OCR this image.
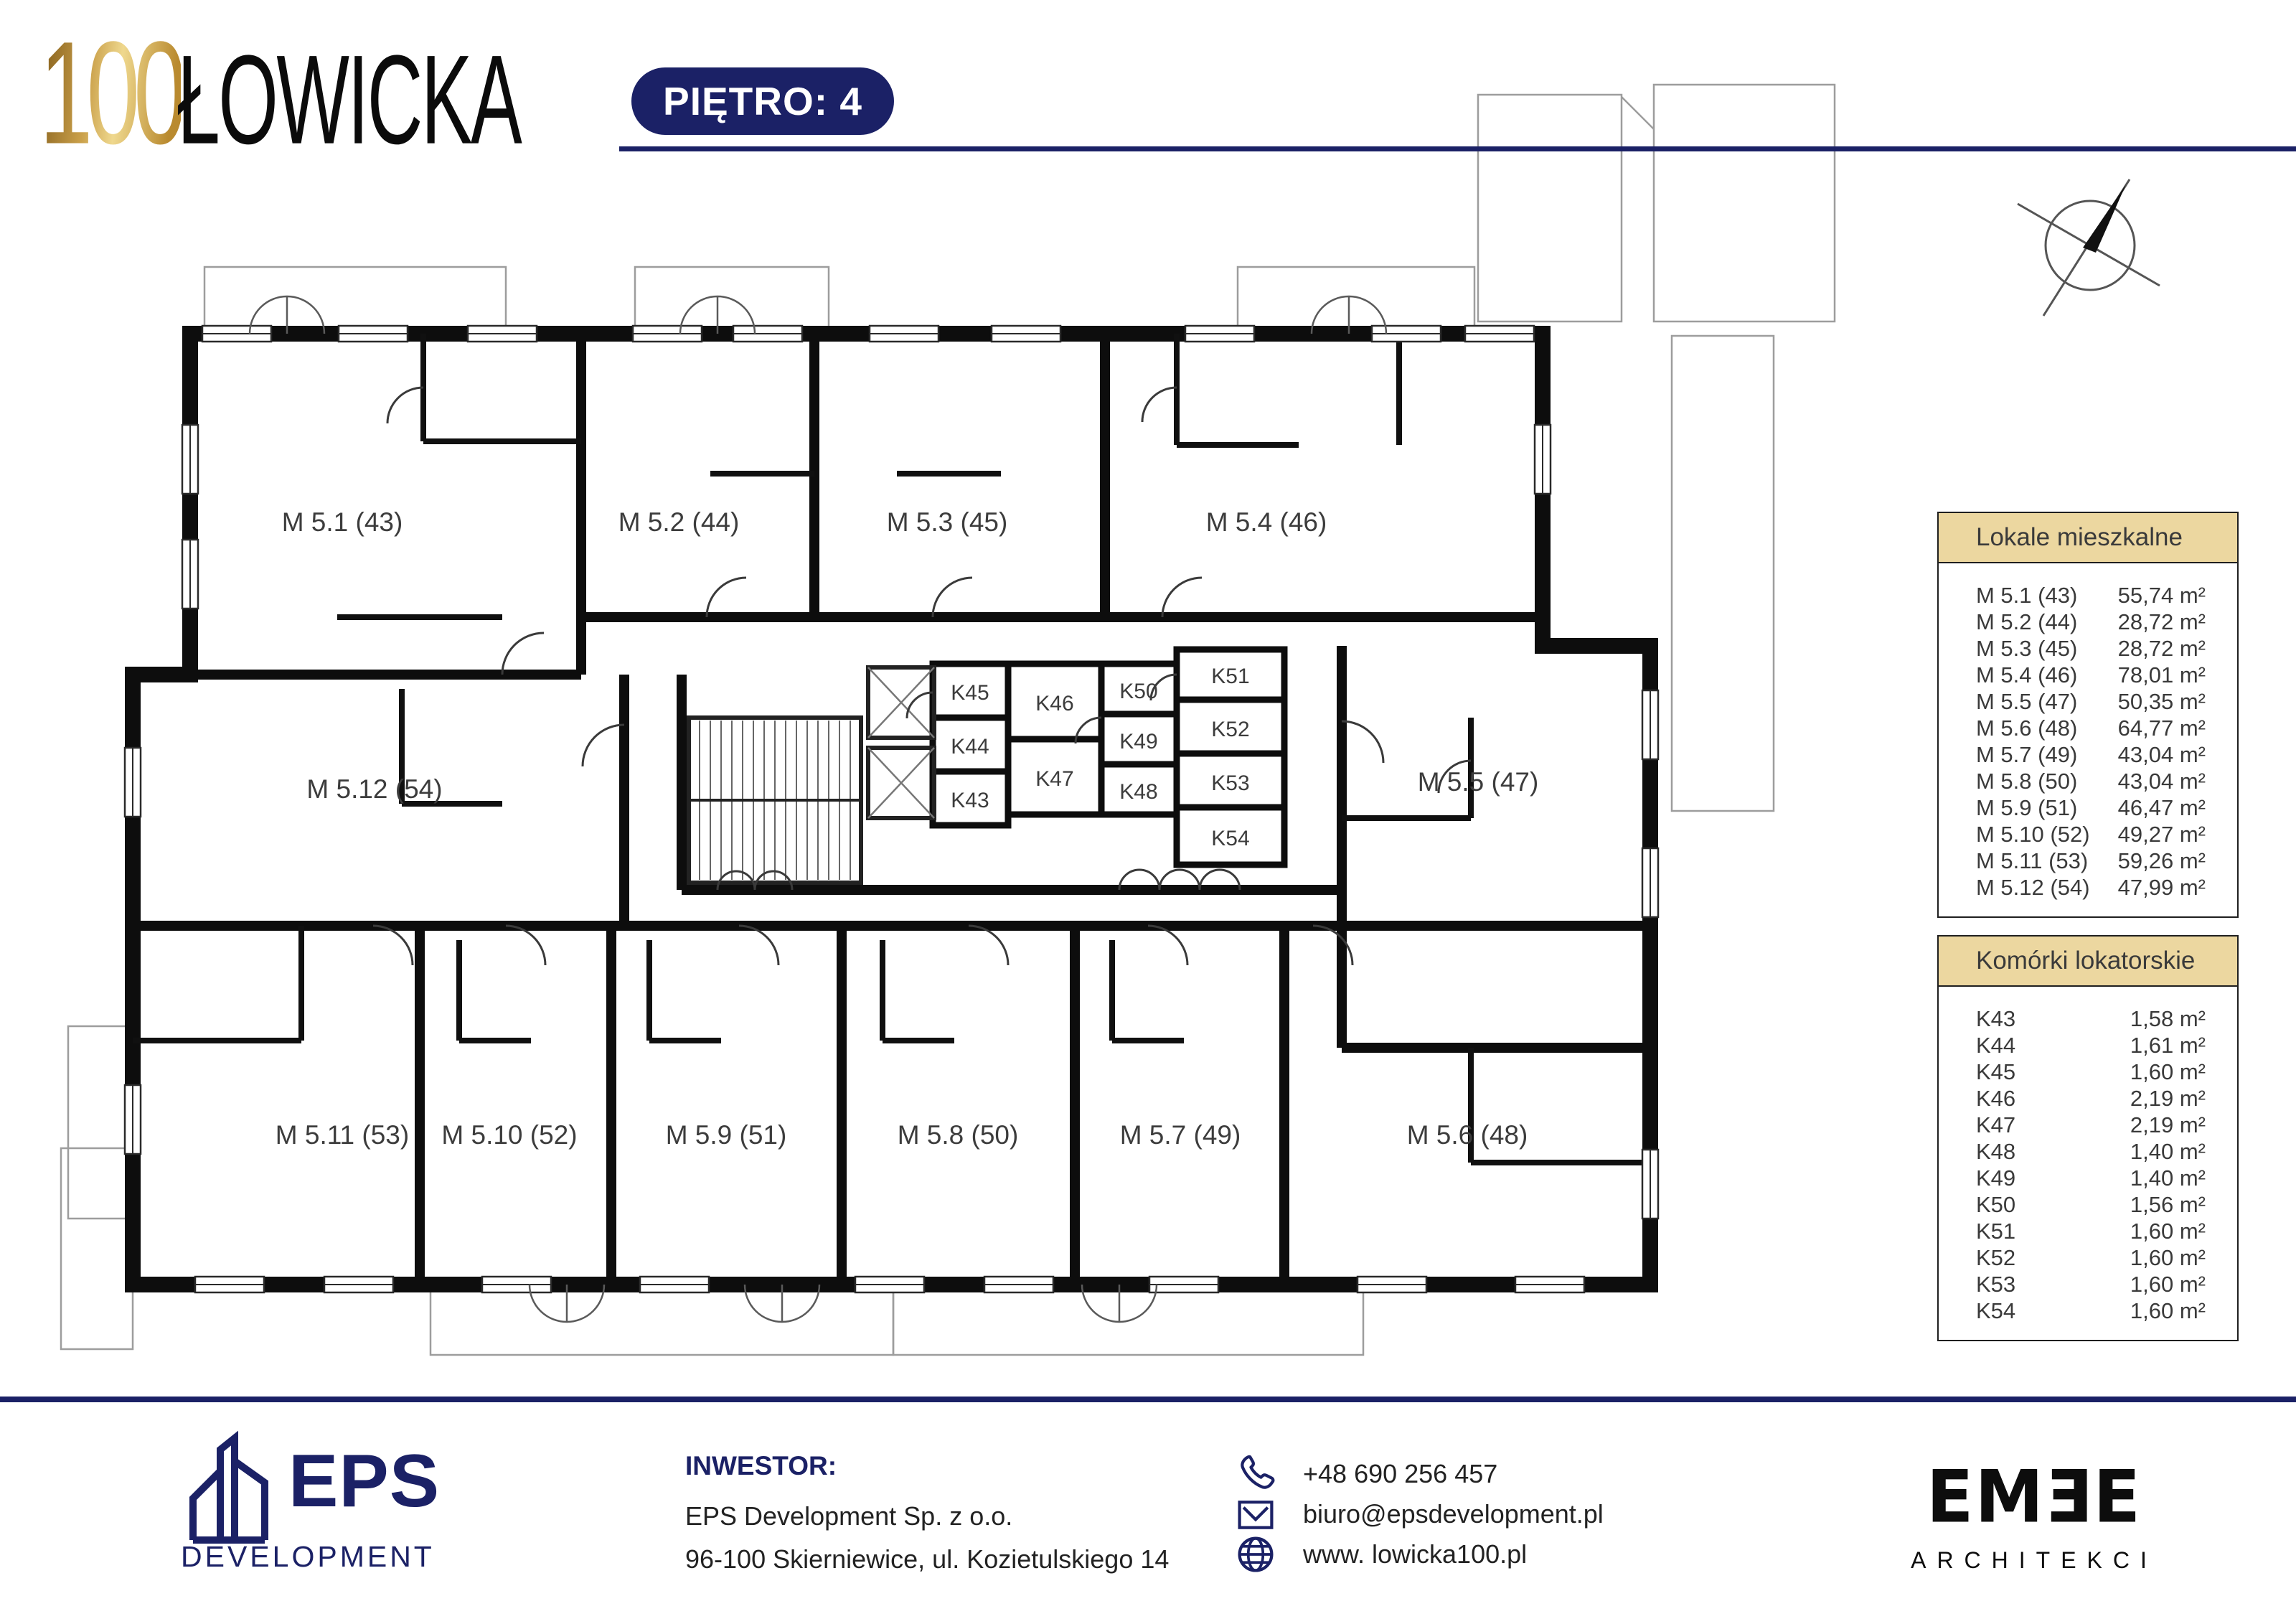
M 5.1 (43)	M 5.2 (44)	M 5.3 (45)	M 5.4 (46)
M 5.12 (54)	M 5.5 (47)
M 5.11 (53) M 5.10 (52)	M 5.9 (51)	M 5.8 (50)	M 5.7 (49)	M 5.6 (48)
K43
K44
K45 K46
K47
K48
K49
K50
K51
K52
K53
K54
100
ŁOWICKA	PIĘTRO: 4
Lokale mieszkalne
M 5.1 (43) 55,74 m²
M 5.2 (44) 28,72 m²
M 5.3 (45) 28,72 m²
M 5.4 (46) 78,01 m²
M 5.5 (47) 50,35 m²
M 5.6 (48) 64,77 m²
M 5.7 (49) 43,04 m²
M 5.8 (50) 43,04 m²
M 5.9 (51) 46,47 m²
M 5.10 (52) 49,27 m²
M 5.11 (53) 59,26 m²
M 5.12 (54) 47,99 m²
Komórki lokatorskie
K43	1,58 m²
K44	1,61 m²
K45	1,60 m²
K46	2,19 m²
K47	2,19 m²
K48	1,40 m²
K49	1,40 m²
K50	1,56 m²
K51	1,60 m²
K52	1,60 m²
K53	1,60 m²
K54	1,60 m²
EPS
DEVELOPMENT
INWESTOR:
EPS Development Sp. z o.o.
96-100 Skierniewice, ul. Kozietulskiego 14
+48 690 256 457
biuro@epsdevelopment.pl
www. lowicka100.pl
EMƎE
ARCHITEKCI
